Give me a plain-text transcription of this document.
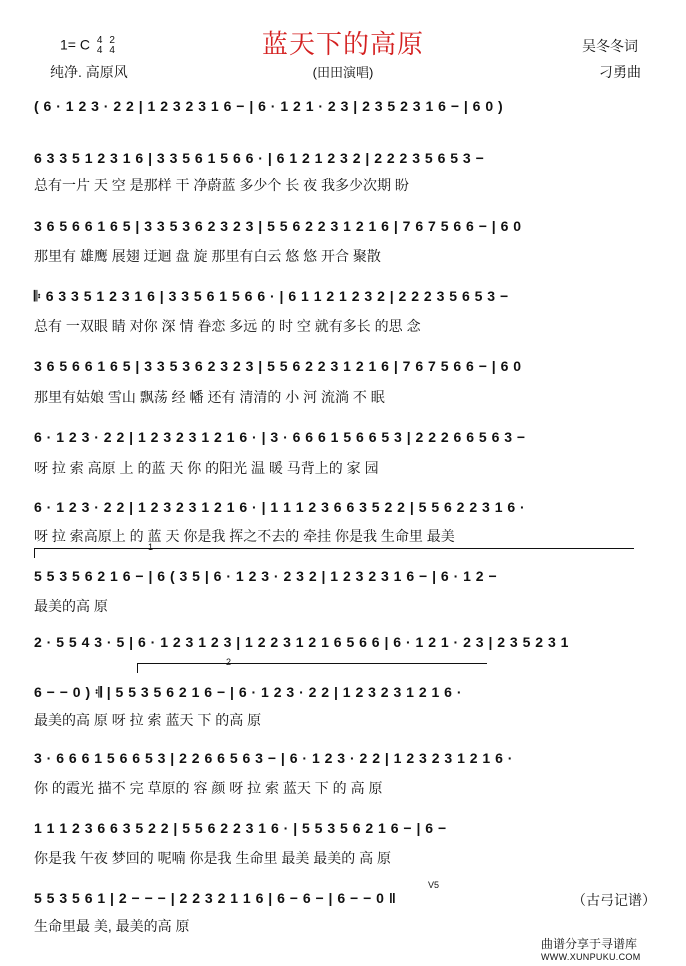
1= C 4
4

2
4
纯净. 高原风
蓝天下的高原
(田田演唱)
吴冬冬词
刁勇曲
( 6 · 1 2 3 · 2 2 | 1 2 3 2 3 1 6 − | 6 · 1 2 1 · 2 3 | 2 3 5 2 3 1 6 − | 6 0 )
6 3 3 5 1 2 3 1 6 | 3 3 5 6 1 5 6 6 · | 6 1 2 1 2 3 2 | 2 2 2 3 5 6 5 3 −
总有一片 天 空 是那样 干 净蔚蓝 多少个 长 夜 我多少次期 盼
3 6 5 6 6 1 6 5 | 3 3 5 3 6 2 3 2 3 | 5 5 6 2 2 3 1 2 1 6 | 7 6 7 5 6 6 − | 6 0
那里有 雄鹰 展翅 迂迴 盘 旋 那里有白云 悠 悠 开合 聚散
𝄆 6 3 3 5 1 2 3 1 6 | 3 3 5 6 1 5 6 6 · | 6 1 1 2 1 2 3 2 | 2 2 2 3 5 6 5 3 −
总有 一双眼 睛 对你 深 情 眷恋 多远 的 时 空 就有多长 的思 念
3 6 5 6 6 1 6 5 | 3 3 5 3 6 2 3 2 3 | 5 5 6 2 2 3 1 2 1 6 | 7 6 7 5 6 6 − | 6 0
那里有姑娘 雪山 飘荡 经 幡 还有 清清的 小 河 流淌 不 眠
6 · 1 2 3 · 2 2 | 1 2 3 2 3 1 2 1 6 · | 3 · 6 6 6 1 5 6 6 5 3 | 2 2 2 6 6 5 6 3 −
呀 拉 索 高原 上 的蓝 天 你 的阳光 温 暖 马背上的 家 园
6 · 1 2 3 · 2 2 | 1 2 3 2 3 1 2 1 6 · | 1 1 1 2 3 6 6 3 5 2 2 | 5 5 6 2 2 3 1 6 ·
呀 拉 索高原上 的 蓝 天 你是我 挥之不去的 牵挂 你是我 生命里 最美
1
5 5 3 5 6 2 1 6 − | 6 ( 3 5 | 6 · 1 2 3 · 2 3 2 | 1 2 3 2 3 1 6 − | 6 · 1 2 −
最美的高 原
2 · 5 5 4 3 · 5 | 6 · 1 2 3 1 2 3 | 1 2 2 3 1 2 1 6 5 6 6 | 6 · 1 2 1 · 2 3 | 2 3 5 2 3 1
2
6 − − 0 ) 𝄇 | 5 5 3 5 6 2 1 6 − | 6 · 1 2 3 · 2 2 | 1 2 3 2 3 1 2 1 6 ·
最美的高 原 呀 拉 索 蓝天 下 的高 原
3 · 6 6 6 1 5 6 6 5 3 | 2 2 6 6 5 6 3 − | 6 · 1 2 3 · 2 2 | 1 2 3 2 3 1 2 1 6 ·
你 的霞光 描不 完 草原的 容 颜 呀 拉 索 蓝天 下 的 高 原
1 1 1 2 3 6 6 3 5 2 2 | 5 5 6 2 2 3 1 6 · | 5 5 3 5 6 2 1 6 − | 6 −
你是我 午夜 梦回的 呢喃 你是我 生命里 最美 最美的 高 原
5 5 3 5 6 1 | 2 − − − | 2 2 3 2 1 1 6 | 6 − 6 − | 6 − − 0 ‖
生命里最 美, 最美的高 原
V5
（古弓记谱）
曲谱分享于寻谱库
WWW.XUNPUKU.COM
